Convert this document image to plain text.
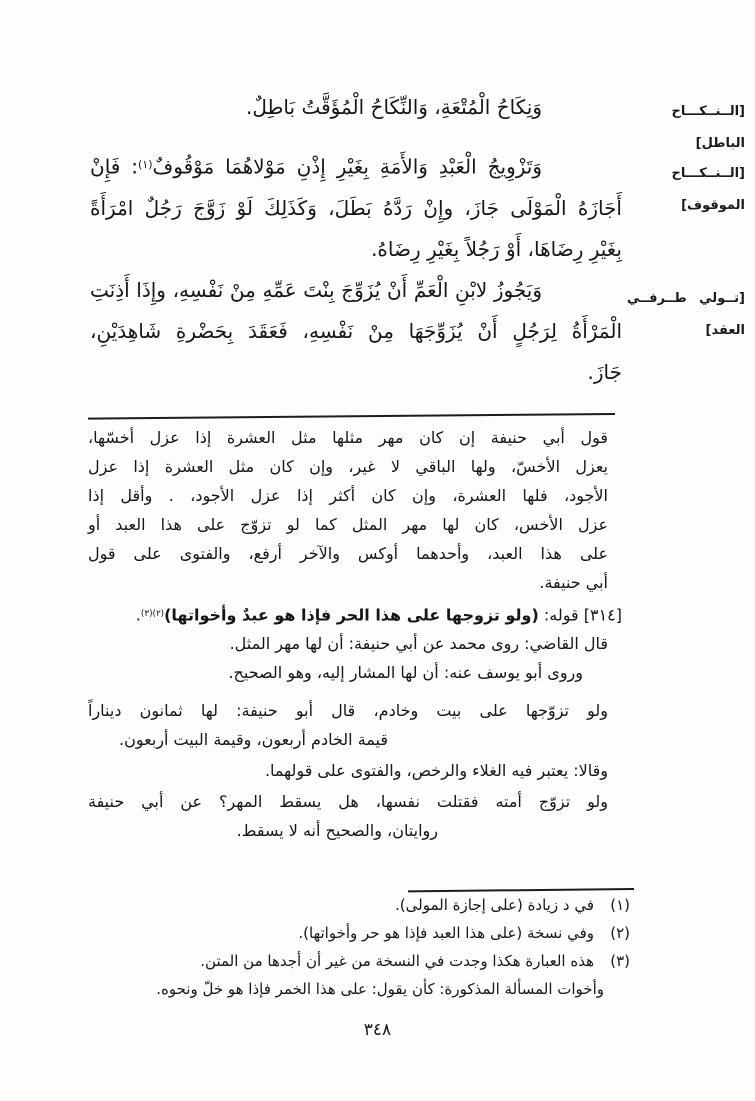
[الــنــكـــاح الباطل]
[الــنــكـــاح الموقوف]
[تــولي طــرفــي العقد]
وَنِكَاحُ الْمُتْعَةِ، وَالنِّكَاحُ الْمُؤَقَّتُ بَاطِلٌ.
وَتَزْوِيجُ الْعَبْدِ وَالأَمَةِ بِغَيْرِ إِذْنِ مَوْلاهُمَا مَوْقُوفٌ$^{(١)}$: فَإِنْ
أَجَازَهُ الْمَوْلَى جَازَ، وإِنْ رَدَّهُ بَطَلَ، وَكَذَلِكَ لَوْ زَوَّجَ رَجُلٌ امْرَأَةً
بِغَيْرِ رِضَاهَا، أَوْ رَجُلاً بِغَيْرِ رِضَاهُ.
وَيَجُوزُ لابْنِ الْعَمِّ أَنْ يُزَوِّجَ بِنْتَ عَمِّهِ مِنْ نَفْسِهِ، وإِذَا أَذِنَتِ
الْمَرْأَةُ لِرَجُلٍ أَنْ يُزَوِّجَهَا مِنْ نَفْسِهِ، فَعَقَدَ بِحَضْرةِ شَاهِدَيْنِ،
جَازَ.
قول أبي حنيفة إن كان مهر مثلها مثل العشرة إذا عزل أخسّها،
يعزل الأخسّ، ولها الباقي لا غير، وإن كان مثل العشرة إذا عزل
الأجود، فلها العشرة، وإن كان أكثر إذا عزل الأجود، . وأقل إذا
عزل الأخس، كان لها مهر المثل كما لو تزوّج على هذا العبد أو
على هذا العبد، وأحدهما أوكس والآخر أرفع، والفتوى على قول
أبي حنيفة.
[٣١٤] قوله: (ولو تزوجها على هذا الحر فإذا هو عبدٌ وأخواتها)$^{(٢)(٣)}$.
قال القاضي: روى محمد عن أبي حنيفة: أن لها مهر المثل.
وروى أبو يوسف عنه: أن لها المشار إليه، وهو الصحيح.
ولو تزوّجها على بيت وخادم، قال أبو حنيفة: لها ثمانون ديناراً
قيمة الخادم أربعون، وقيمة البيت أربعون.
وقالا: يعتبر فيه الغلاء والرخص، والفتوى على قولهما.
ولو تزوّج أمته فقتلت نفسها، هل يسقط المهر؟ عن أبي حنيفة
روايتان، والصحيح أنه لا يسقط.
(١)
في د زيادة (على إجازة المولى).
(٢)
وفي نسخة (على هذا العبد فإذا هو حر وأخواتها).
(٣)
هذه العبارة هكذا وجدت في النسخة من غير أن أجدها من المتن.
وأخوات المسألة المذكورة: كأن يقول: على هذا الخمر فإذا هو خلّ ونحوه.
٣٤٨
